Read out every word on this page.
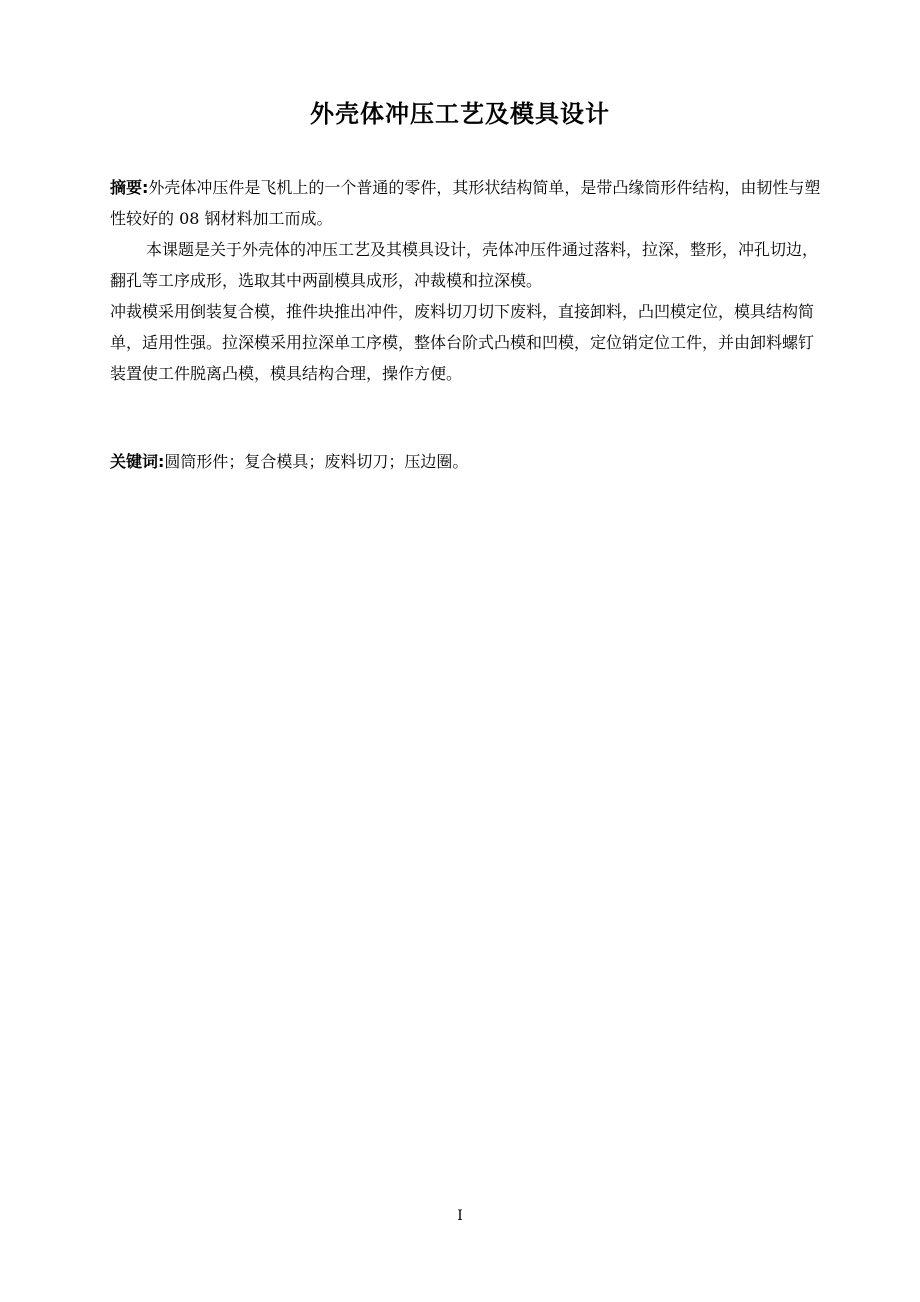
外壳体冲压工艺及模具设计

摘要:外壳体冲压件是飞机上的一个普通的零件，其形状结构简单，是带凸缘筒形件结构，由韧性与塑性较好的 08 钢材料加工而成。

本课题是关于外壳体的冲压工艺及其模具设计，壳体冲压件通过落料，拉深，整形，冲孔切边，翻孔等工序成形，选取其中两副模具成形，冲裁模和拉深模。

冲裁模采用倒装复合模，推件块推出冲件，废料切刀切下废料，直接卸料，凸凹模定位，模具结构简单，适用性强。拉深模采用拉深单工序模，整体台阶式凸模和凹模，定位销定位工件，并由卸料螺钉装置使工件脱离凸模，模具结构合理，操作方便。

关键词:圆筒形件；复合模具；废料切刀；压边圈。
I
